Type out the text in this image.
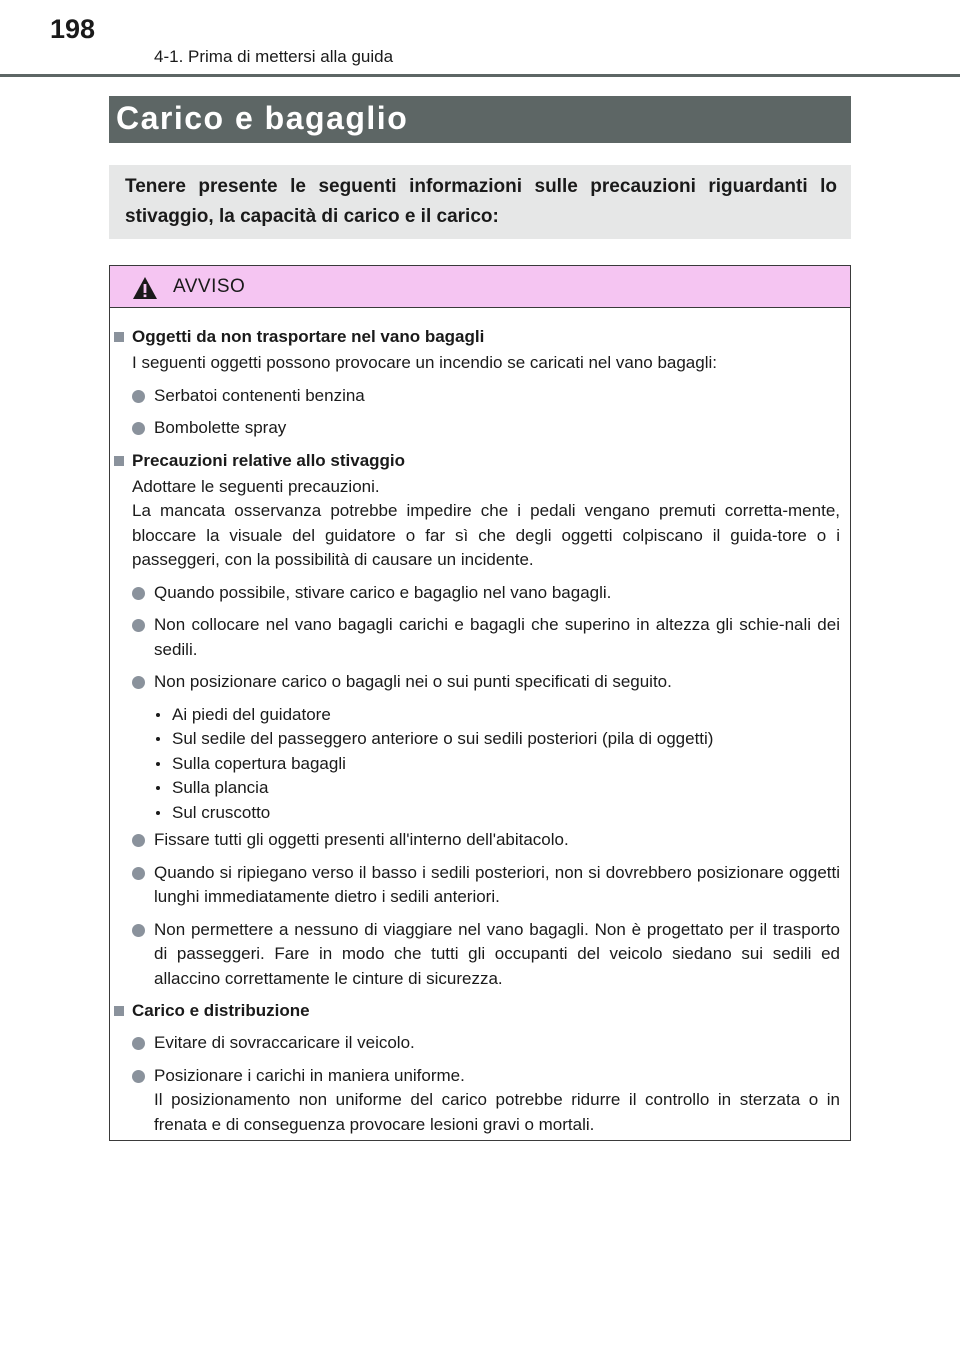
198
4-1. Prima di mettersi alla guida
Carico e bagaglio
Tenere presente le seguenti informazioni sulle precauzioni riguardanti lo stivaggio, la capacità di carico e il carico:
AVVISO
Oggetti da non trasportare nel vano bagagli
I seguenti oggetti possono provocare un incendio se caricati nel vano bagagli:
Serbatoi contenenti benzina
Bombolette spray
Precauzioni relative allo stivaggio
Adottare le seguenti precauzioni.
La mancata osservanza potrebbe impedire che i pedali vengano premuti corretta-mente, bloccare la visuale del guidatore o far sì che degli oggetti colpiscano il guida-tore o i passeggeri, con la possibilità di causare un incidente.
Quando possibile, stivare carico e bagaglio nel vano bagagli.
Non collocare nel vano bagagli carichi e bagagli che superino in altezza gli schie-nali dei sedili.
Non posizionare carico o bagagli nei o sui punti specificati di seguito.
Ai piedi del guidatore
Sul sedile del passeggero anteriore o sui sedili posteriori (pila di oggetti)
Sulla copertura bagagli
Sulla plancia
Sul cruscotto
Fissare tutti gli oggetti presenti all'interno dell'abitacolo.
Quando si ripiegano verso il basso i sedili posteriori, non si dovrebbero posizionare oggetti lunghi immediatamente dietro i sedili anteriori.
Non permettere a nessuno di viaggiare nel vano bagagli. Non è progettato per il trasporto di passeggeri. Fare in modo che tutti gli occupanti del veicolo siedano sui sedili ed allaccino correttamente le cinture di sicurezza.
Carico e distribuzione
Evitare di sovraccaricare il veicolo.
Posizionare i carichi in maniera uniforme.
Il posizionamento non uniforme del carico potrebbe ridurre il controllo in sterzata o in frenata e di conseguenza provocare lesioni gravi o mortali.
